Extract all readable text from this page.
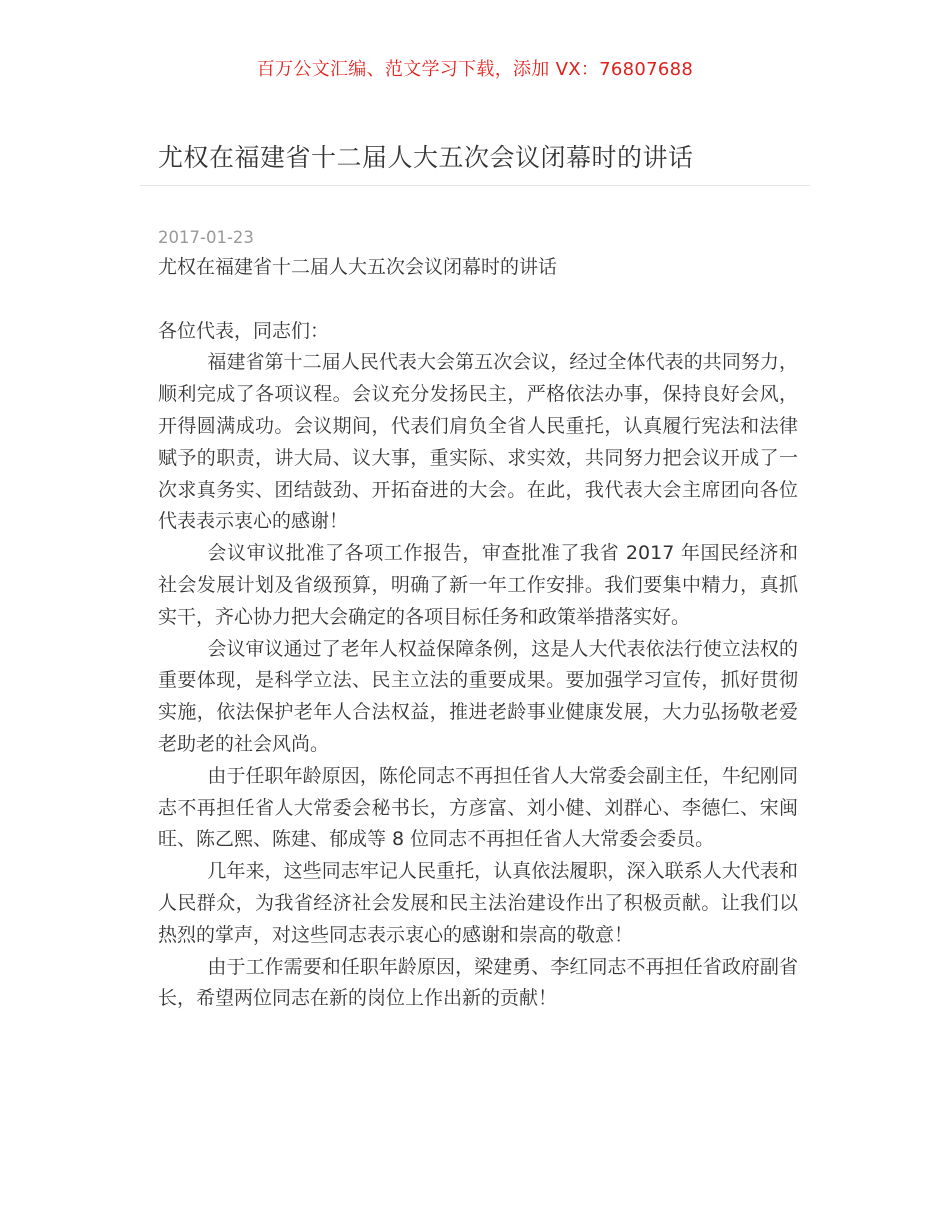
百万公文汇编、范文学习下载，添加 VX：76807688
尤权在福建省十二届人大五次会议闭幕时的讲话
2017-01-23

尤权在福建省十二届人大五次会议闭幕时的讲话

各位代表，同志们：

福建省第十二届人民代表大会第五次会议，经过全体代表的共同努力，顺利完成了各项议程。会议充分发扬民主，严格依法办事，保持良好会风，开得圆满成功。会议期间，代表们肩负全省人民重托，认真履行宪法和法律赋予的职责，讲大局、议大事，重实际、求实效，共同努力把会议开成了一次求真务实、团结鼓劲、开拓奋进的大会。在此，我代表大会主席团向各位代表表示衷心的感谢！

会议审议批准了各项工作报告，审查批准了我省 2017 年国民经济和社会发展计划及省级预算，明确了新一年工作安排。我们要集中精力，真抓实干，齐心协力把大会确定的各项目标任务和政策举措落实好。

会议审议通过了老年人权益保障条例，这是人大代表依法行使立法权的重要体现，是科学立法、民主立法的重要成果。要加强学习宣传，抓好贯彻实施，依法保护老年人合法权益，推进老龄事业健康发展，大力弘扬敬老爱老助老的社会风尚。

由于任职年龄原因，陈伦同志不再担任省人大常委会副主任，牛纪刚同志不再担任省人大常委会秘书长，方彦富、刘小健、刘群心、李德仁、宋闽旺、陈乙熙、陈建、郁成等 8 位同志不再担任省人大常委会委员。

几年来，这些同志牢记人民重托，认真依法履职，深入联系人大代表和人民群众，为我省经济社会发展和民主法治建设作出了积极贡献。让我们以热烈的掌声，对这些同志表示衷心的感谢和崇高的敬意！

由于工作需要和任职年龄原因，梁建勇、李红同志不再担任省政府副省长，希望两位同志在新的岗位上作出新的贡献！
